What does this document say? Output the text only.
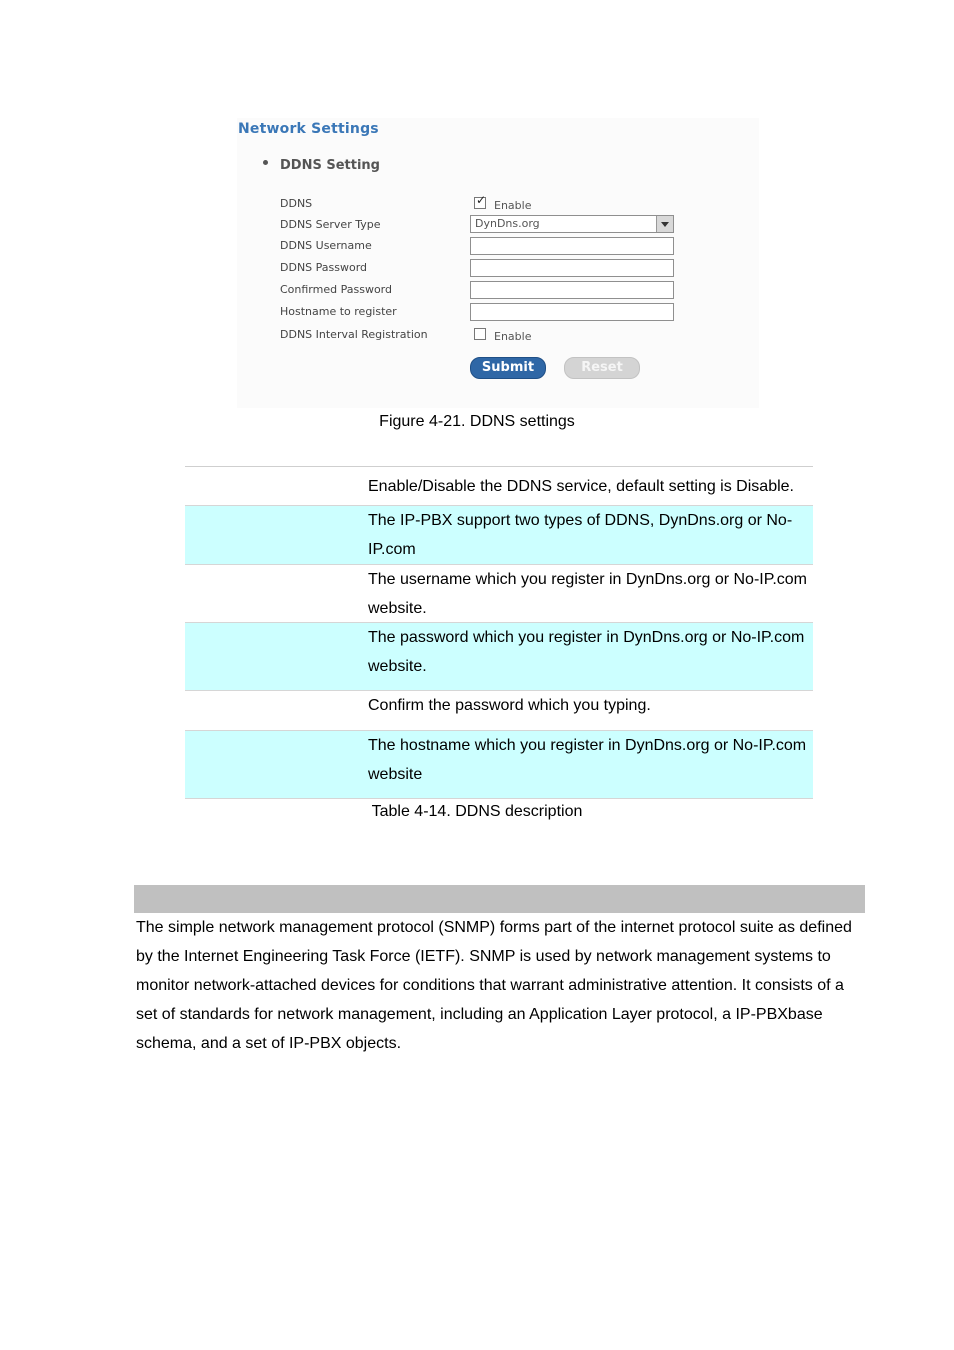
Network Settings
DDNS Setting
DDNS
DDNS Server Type
DDNS Username
DDNS Password
Confirmed Password
Hostname to register
DDNS Interval Registration
✓ Enable
DynDns.org
Enable
Submit	Reset
Figure 4-21. DDNS settings
Enable/Disable the DDNS service, default setting is Disable.
The IP-PBX support two types of DDNS, DynDns.org or No-IP.com
The username which you register in DynDns.org or No-IP.com website.
The password which you register in DynDns.org or No-IP.com website.
Confirm the password which you typing.
The hostname which you register in DynDns.org or No-IP.com website
Table 4-14. DDNS description
The simple network management protocol (SNMP) forms part of the internet protocol suite as defined by the Internet Engineering Task Force (IETF). SNMP is used by network management systems to monitor network-attached devices for conditions that warrant administrative attention. It consists of a set of standards for network management, including an Application Layer protocol, a IP-PBXbase schema, and a set of IP-PBX objects.
